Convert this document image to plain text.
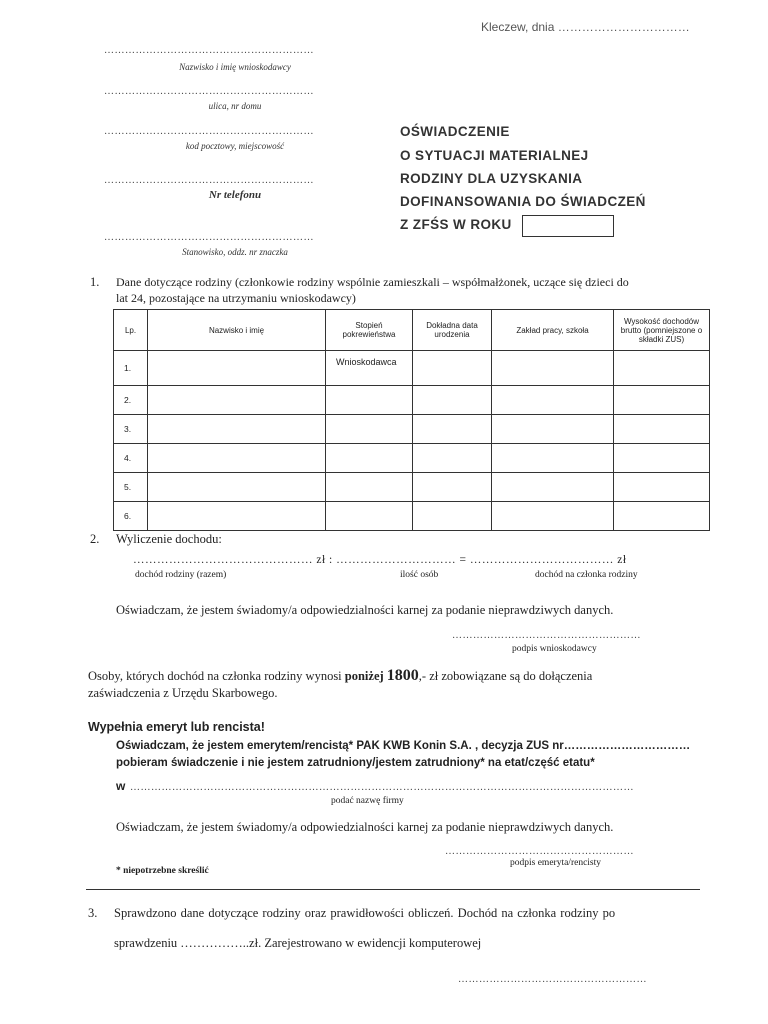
Kleczew, dnia ……………………………
……………………………………………………
Nazwisko i imię wnioskodawcy
……………………………………………………
ulica, nr domu
……………………………………………………
kod pocztowy, miejscowość
……………………………………………………
Nr telefonu
……………………………………………………
Stanowisko, oddz. nr znaczka
OŚWIADCZENIE
O SYTUACJI MATERIALNEJ
RODZINY DLA UZYSKANIA
DOFINANSOWANIA DO ŚWIADCZEŃ
Z ZFŚS W ROKU
1. Dane dotyczące rodziny (członkowie rodziny wspólnie zamieszkali – współmałżonek, uczące się dzieci do
lat 24, pozostające na utrzymaniu wnioskodawcy)
Lp.	Nazwisko i imię	Stopień pokrewieństwa	Dokładna data urodzenia	Zakład pracy, szkoła	Wysokość dochodów brutto (pomniejszone o składki ZUS)
1.		Wnioskodawca			
2.					
3.					
4.					
5.					
6.					
2. Wyliczenie dochodu:
……………………………………… zł : ………………………… = ……………………………… zł
dochód rodziny (razem)	ilość osób	dochód na członka rodziny
Oświadczam, że jestem świadomy/a odpowiedzialności karnej za podanie nieprawdziwych danych.
………………………………………………
podpis wnioskodawcy
Osoby, których dochód na członka rodziny wynosi poniżej 1800,- zł zobowiązane są do dołączenia
zaświadczenia z Urzędu Skarbowego.
Wypełnia emeryt lub rencista!
Oświadczam, że jestem emerytem/rencistą* PAK KWB Konin S.A. , decyzja ZUS nr……………………………
pobieram świadczenie i nie jestem zatrudniony/jestem zatrudniony* na etat/część etatu*
w ………………………………………………………………………………………………………………………………
podać nazwę firmy
Oświadczam, że jestem świadomy/a odpowiedzialności karnej za podanie nieprawdziwych danych.
………………………………………………
podpis emeryta/rencisty
* niepotrzebne skreślić
3. Sprawdzono dane dotyczące rodziny oraz prawidłowości obliczeń. Dochód na członka rodziny po
sprawdzeniu ……………..zł. Zarejestrowano w ewidencji komputerowej
………………………………………………
